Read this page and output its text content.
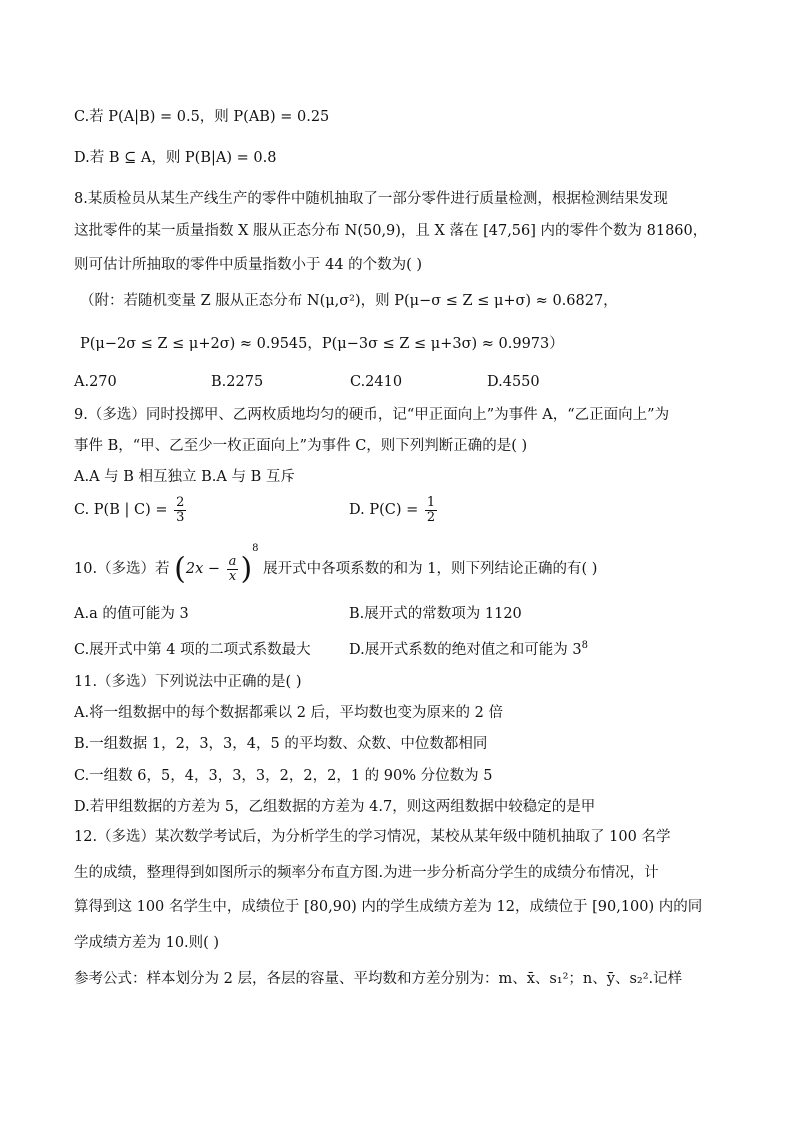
C.若 P(A|B) = 0.5，则 P(AB) = 0.25
D.若 B ⊆ A，则 P(B|A) = 0.8
8.某质检员从某生产线生产的零件中随机抽取了一部分零件进行质量检测，根据检测结果发现
这批零件的某一质量指数 X 服从正态分布 N(50,9)，且 X 落在 [47,56] 内的零件个数为 81860，
则可估计所抽取的零件中质量指数小于 44 的个数为( )
（附：若随机变量 Z 服从正态分布 N(μ,σ²)，则 P(μ−σ ≤ Z ≤ μ+σ) ≈ 0.6827，
P(μ−2σ ≤ Z ≤ μ+2σ) ≈ 0.9545，P(μ−3σ ≤ Z ≤ μ+3σ) ≈ 0.9973）
A.270	B.2275	C.2410	D.4550
9.（多选）同时投掷甲、乙两枚质地均匀的硬币，记“甲正面向上”为事件 A，“乙正面向上”为
事件 B，“甲、乙至少一枚正面向上”为事件 C，则下列判断正确的是( )
A.A 与 B 相互独立 B.A 与 B 互斥
C. P(B | $C) = \frac{2}{3}$	D. $P(C) = \frac{1}{2}$
10.（多选）若 $(2x - \frac{a}{x} )^8$ 展开式中各项系数的和为 1，则下列结论正确的有( )
A.a 的值可能为 3	B.展开式的常数项为 1120
C.展开式中第 4 项的二项式系数最大	D.展开式系数的绝对值之和可能为 $3^8$
11.（多选）下列说法中正确的是( )
A.将一组数据中的每个数据都乘以 2 后，平均数也变为原来的 2 倍
B.一组数据 1，2，3，3，4，5 的平均数、众数、中位数都相同
C.一组数 6，5，4，3，3，3，2，2，2，1 的 90% 分位数为 5
D.若甲组数据的方差为 5，乙组数据的方差为 4.7，则这两组数据中较稳定的是甲
12.（多选）某次数学考试后，为分析学生的学习情况，某校从某年级中随机抽取了 100 名学
生的成绩，整理得到如图所示的频率分布直方图.为进一步分析高分学生的成绩分布情况，计
算得到这 100 名学生中，成绩位于 [80,90) 内的学生成绩方差为 12，成绩位于 [90,100) 内的同
学成绩方差为 10.则( )
参考公式：样本划分为 2 层，各层的容量、平均数和方差分别为：m、x̄、s₁²；n、ȳ、s₂².记样
